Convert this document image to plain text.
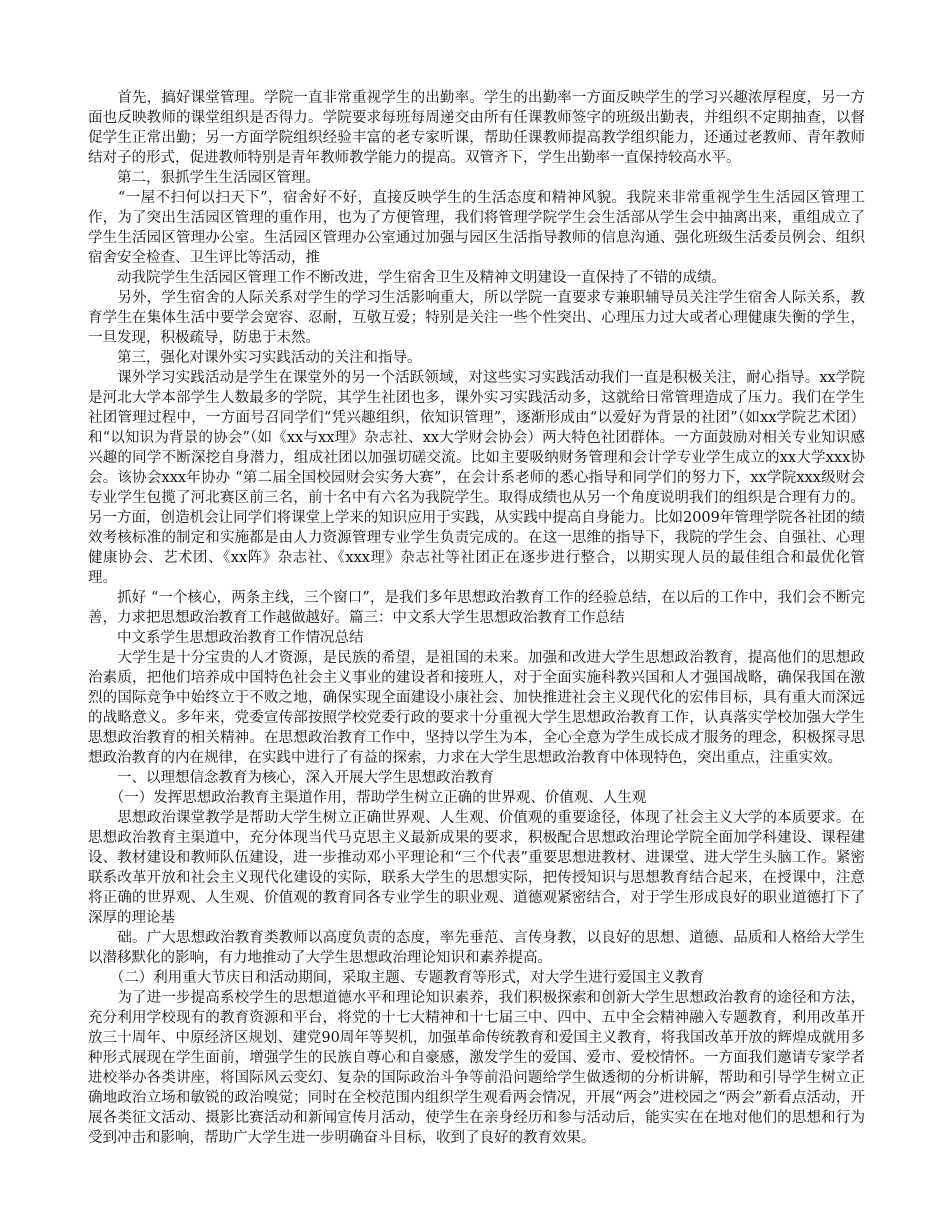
　　首先，搞好课堂管理。学院一直非常重视学生的出勤率。学生的出勤率一方面反映学生的学习兴趣浓厚程度，另一方面也反映教师的课堂组织是否得力。学院要求每班每周递交由所有任课教师签字的班级出勤表，并组织不定期抽查，以督促学生正常出勤；另一方面学院组织经验丰富的老专家听课，帮助任课教师提高教学组织能力，还通过老教师、青年教师结对子的形式，促进教师特别是青年教师教学能力的提高。双管齐下，学生出勤率一直保持较高水平。

　　第二，狠抓学生生活园区管理。

　　“一屋不扫何以扫天下”，宿舍好不好，直接反映学生的生活态度和精神风貌。我院来非常重视学生生活园区管理工作，为了突出生活园区管理的重作用，也为了方便管理，我们将管理学院学生会生活部从学生会中抽离出来，重组成立了学生生活园区管理办公室。生活园区管理办公室通过加强与园区生活指导教师的信息沟通、强化班级生活委员例会、组织宿舍安全检查、卫生评比等活动，推

　　动我院学生生活园区管理工作不断改进，学生宿舍卫生及精神文明建设一直保持了不错的成绩。

　　另外，学生宿舍的人际关系对学生的学习生活影响重大，所以学院一直要求专兼职辅导员关注学生宿舍人际关系，教育学生在集体生活中要学会宽容、忍耐，互敬互爱；特别是关注一些个性突出、心理压力过大或者心理健康失衡的学生，一旦发现，积极疏导，防患于未然。

　　第三，强化对课外实习实践活动的关注和指导。

　　课外学习实践活动是学生在课堂外的另一个活跃领域，对这些实习实践活动我们一直是积极关注，耐心指导。xx学院是河北大学本部学生人数最多的学院，其学生社团也多，课外实习实践活动多，这就给日常管理造成了压力。我们在学生社团管理过程中，一方面号召同学们“凭兴趣组织，依知识管理”，逐渐形成由“以爱好为背景的社团”（如xx学院艺术团）和“以知识为背景的协会”（如《xx与xx理》杂志社、xx大学财会协会）两大特色社团群体。一方面鼓励对相关专业知识感兴趣的同学不断深挖自身潜力，组成社团以加强切磋交流。比如主要吸纳财务管理和会计学专业学生成立的xx大学xxx协会。该协会xxx年协办 “第二届全国校园财会实务大赛”，在会计系老师的悉心指导和同学们的努力下，xx学院xxx级财会专业学生包揽了河北赛区前三名，前十名中有六名为我院学生。取得成绩也从另一个角度说明我们的组织是合理有力的。另一方面，创造机会让同学们将课堂上学来的知识应用于实践，从实践中提高自身能力。比如2009年管理学院各社团的绩效考核标准的制定和实施都是由人力资源管理专业学生负责完成的。在这一思维的指导下，我院的学生会、自强社、心理健康协会、艺术团、《xx阵》杂志社、《xxx理》杂志社等社团正在逐步进行整合，以期实现人员的最佳组合和最优化管理。

　　抓好 “一个核心，两条主线，三个窗口”，是我们多年思想政治教育工作的经验总结，在以后的工作中，我们会不断完善，力求把思想政治教育工作越做越好。篇三：中文系大学生思想政治教育工作总结

　　中文系学生思想政治教育工作情况总结

　　大学生是十分宝贵的人才资源，是民族的希望，是祖国的未来。加强和改进大学生思想政治教育，提高他们的思想政治素质，把他们培养成中国特色社会主义事业的建设者和接班人，对于全面实施科教兴国和人才强国战略，确保我国在激烈的国际竞争中始终立于不败之地，确保实现全面建设小康社会、加快推进社会主义现代化的宏伟目标，具有重大而深远的战略意义。多年来，党委宣传部按照学校党委行政的要求十分重视大学生思想政治教育工作，认真落实学校加强大学生思想政治教育的相关精神。在思想政治教育工作中，坚持以学生为本，全心全意为学生成长成才服务的理念，积极探寻思想政治教育的内在规律，在实践中进行了有益的探索，力求在大学生思想政治教育中体现特色，突出重点，注重实效。

　　一、以理想信念教育为核心，深入开展大学生思想政治教育

　　（一）发挥思想政治教育主渠道作用，帮助学生树立正确的世界观、价值观、人生观

　　思想政治课堂教学是帮助大学生树立正确世界观、人生观、价值观的重要途径，体现了社会主义大学的本质要求。在思想政治教育主渠道中，充分体现当代马克思主义最新成果的要求，积极配合思想政治理论学院全面加学科建设、课程建设、教材建设和教师队伍建设，进一步推动邓小平理论和“三个代表”重要思想进教材、进课堂、进大学生头脑工作。紧密联系改革开放和社会主义现代化建设的实际，联系大学生的思想实际，把传授知识与思想教育结合起来，在授课中，注意将正确的世界观、人生观、价值观的教育同各专业学生的职业观、道德观紧密结合，对于学生形成良好的职业道德打下了深厚的理论基

　　础。广大思想政治教育类教师以高度负责的态度，率先垂范、言传身教，以良好的思想、道德、品质和人格给大学生以潜移默化的影响，有力地推动了大学生思想政治理论知识和素养提高。

　　（二）利用重大节庆日和活动期间，采取主题、专题教育等形式，对大学生进行爱国主义教育

　　为了进一步提高系校学生的思想道德水平和理论知识素养，我们积极探索和创新大学生思想政治教育的途径和方法，充分利用学校现有的教育资源和平台，将党的十七大精神和十七届三中、四中、五中全会精神融入专题教育，利用改革开放三十周年、中原经济区规划、建党90周年等契机，加强革命传统教育和爱国主义教育，将我国改革开放的辉煌成就用多种形式展现在学生面前，增强学生的民族自尊心和自豪感，激发学生的爱国、爱市、爱校情怀。一方面我们邀请专家学者进校举办各类讲座，将国际风云变幻、复杂的国际政治斗争等前沿问题给学生做透彻的分析讲解，帮助和引导学生树立正确地政治立场和敏锐的政治嗅觉；同时在全校范围内组织学生观看两会情况，开展“两会”进校园之“两会”新看点活动，开展各类征文活动、摄影比赛活动和新闻宣传月活动，使学生在亲身经历和参与活动后，能实实在在地对他们的思想和行为受到冲击和影响，帮助广大学生进一步明确奋斗目标，收到了良好的教育效果。
